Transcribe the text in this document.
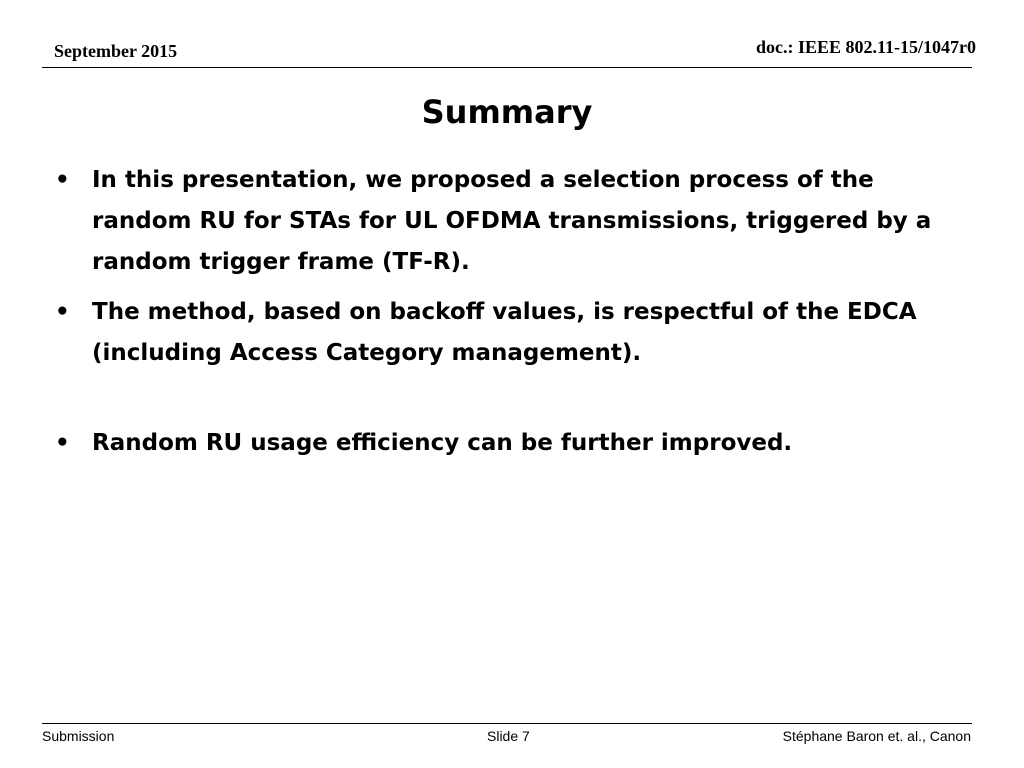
September 2015	doc.: IEEE 802.11-15/1047r0
Summary
• In this presentation, we proposed a selection process of the random RU for STAs for UL OFDMA transmissions, triggered by a random trigger frame (TF-R).
• The method, based on backoff values, is respectful of the EDCA (including Access Category management).
• Random RU usage efficiency can be further improved.
Submission	Slide 7	Stéphane Baron et. al., Canon
